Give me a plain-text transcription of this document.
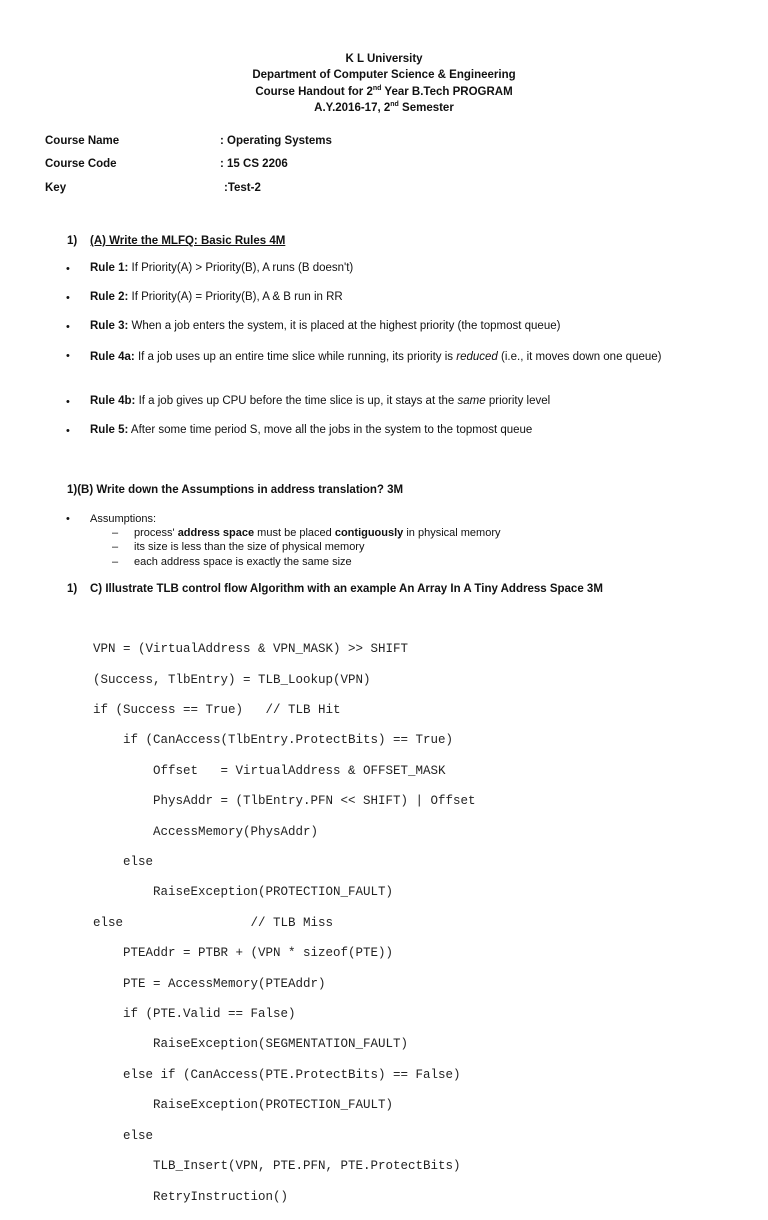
K L University
Department of Computer Science & Engineering
Course Handout for 2nd Year B.Tech PROGRAM
A.Y.2016-17, 2nd Semester
Course Name	: Operating Systems
Course Code	: 15 CS 2206
Key	:Test-2
1) (A) Write the MLFQ: Basic Rules 4M
• Rule 1: If Priority(A) > Priority(B), A runs (B doesn't)
• Rule 2: If Priority(A) = Priority(B), A & B run in RR
• Rule 3: When a job enters the system, it is placed at the highest priority (the topmost queue)
• Rule 4a: If a job uses up an entire time slice while running, its priority is reduced (i.e., it moves down one queue)
• Rule 4b: If a job gives up CPU before the time slice is up, it stays at the same priority level
• Rule 5: After some time period S, move all the jobs in the system to the topmost queue
1)(B) Write down the Assumptions in address translation? 3M
• Assumptions:
– process' address space must be placed contiguously in physical memory
– its size is less than the size of physical memory
– each address space is exactly the same size
1) C) Illustrate TLB control flow Algorithm with an example An Array In A Tiny Address Space 3M

VPN = (VirtualAddress & VPN_MASK) >> SHIFT

(Success, TlbEntry) = TLB_Lookup(VPN)

if (Success == True)   // TLB Hit

if (CanAccess(TlbEntry.ProtectBits) == True)

Offset   = VirtualAddress & OFFSET_MASK

PhysAddr = (TlbEntry.PFN << SHIFT) | Offset

AccessMemory(PhysAddr)

else

RaiseException(PROTECTION_FAULT)

else                 // TLB Miss

PTEAddr = PTBR + (VPN * sizeof(PTE))

PTE = AccessMemory(PTEAddr)

if (PTE.Valid == False)

RaiseException(SEGMENTATION_FAULT)

else if (CanAccess(PTE.ProtectBits) == False)

RaiseException(PROTECTION_FAULT)

else

TLB_Insert(VPN, PTE.PFN, PTE.ProtectBits)

RetryInstruction()
